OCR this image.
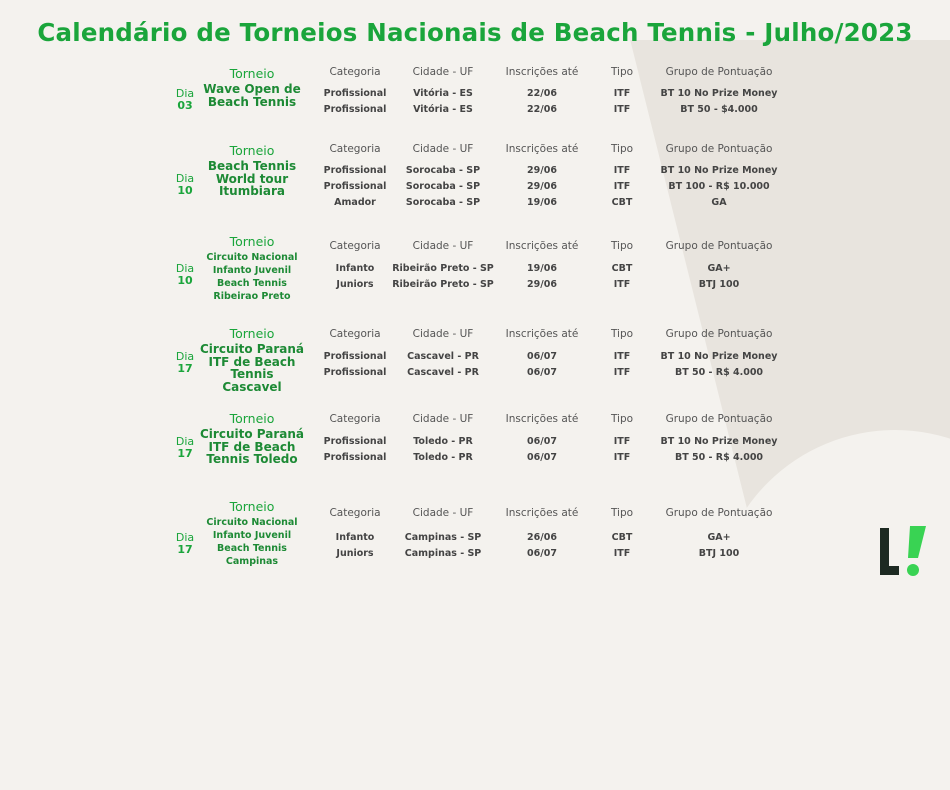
Calendário de Torneios Nacionais de Beach Tennis - Julho/2023
Dia
03
Torneio
Wave Open de
Beach Tennis
Categoria	Cidade - UF	Inscrições até	Tipo	Grupo de Pontuação
Profissional	Vitória - ES	22/06	ITF	BT 10 No Prize Money
Profissional	Vitória - ES	22/06	ITF	BT 50 - $4.000
Dia
10
Torneio
Beach Tennis
World tour
Itumbiara
Categoria	Cidade - UF	Inscrições até	Tipo	Grupo de Pontuação
Profissional Sorocaba - SP	29/06	ITF	BT 10 No Prize Money
Profissional Sorocaba - SP	29/06	ITF	BT 100 - R$ 10.000
Amador	Sorocaba - SP	19/06	CBT	GA
Dia
10
Torneio
Circuito Nacional
Infanto Juvenil
Beach Tennis
Ribeirao Preto
Categoria	Cidade - UF	Inscrições até	Tipo	Grupo de Pontuação
Infanto Ribeirão Preto - SP	19/06	CBT	GA+
Juniors Ribeirão Preto - SP	29/06	ITF	BTJ 100
Dia
17
Torneio
Circuito Paraná
ITF de Beach
Tennis Cascavel
Categoria	Cidade - UF	Inscrições até	Tipo	Grupo de Pontuação
Profissional Cascavel - PR	06/07	ITF	BT 10 No Prize Money
Profissional Cascavel - PR	06/07	ITF	BT 50 - R$ 4.000
Dia
17
Torneio
Circuito Paraná
ITF de Beach
Tennis Toledo
Categoria	Cidade - UF	Inscrições até	Tipo	Grupo de Pontuação
Profissional	Toledo - PR	06/07	ITF	BT 10 No Prize Money
Profissional	Toledo - PR	06/07	ITF	BT 50 - R$ 4.000
Dia
17
Torneio
Circuito Nacional
Infanto Juvenil
Beach Tennis
Campinas
Categoria	Cidade - UF	Inscrições até	Tipo	Grupo de Pontuação
Infanto	Campinas - SP	26/06	CBT	GA+
Juniors	Campinas - SP	06/07	ITF	BTJ 100
